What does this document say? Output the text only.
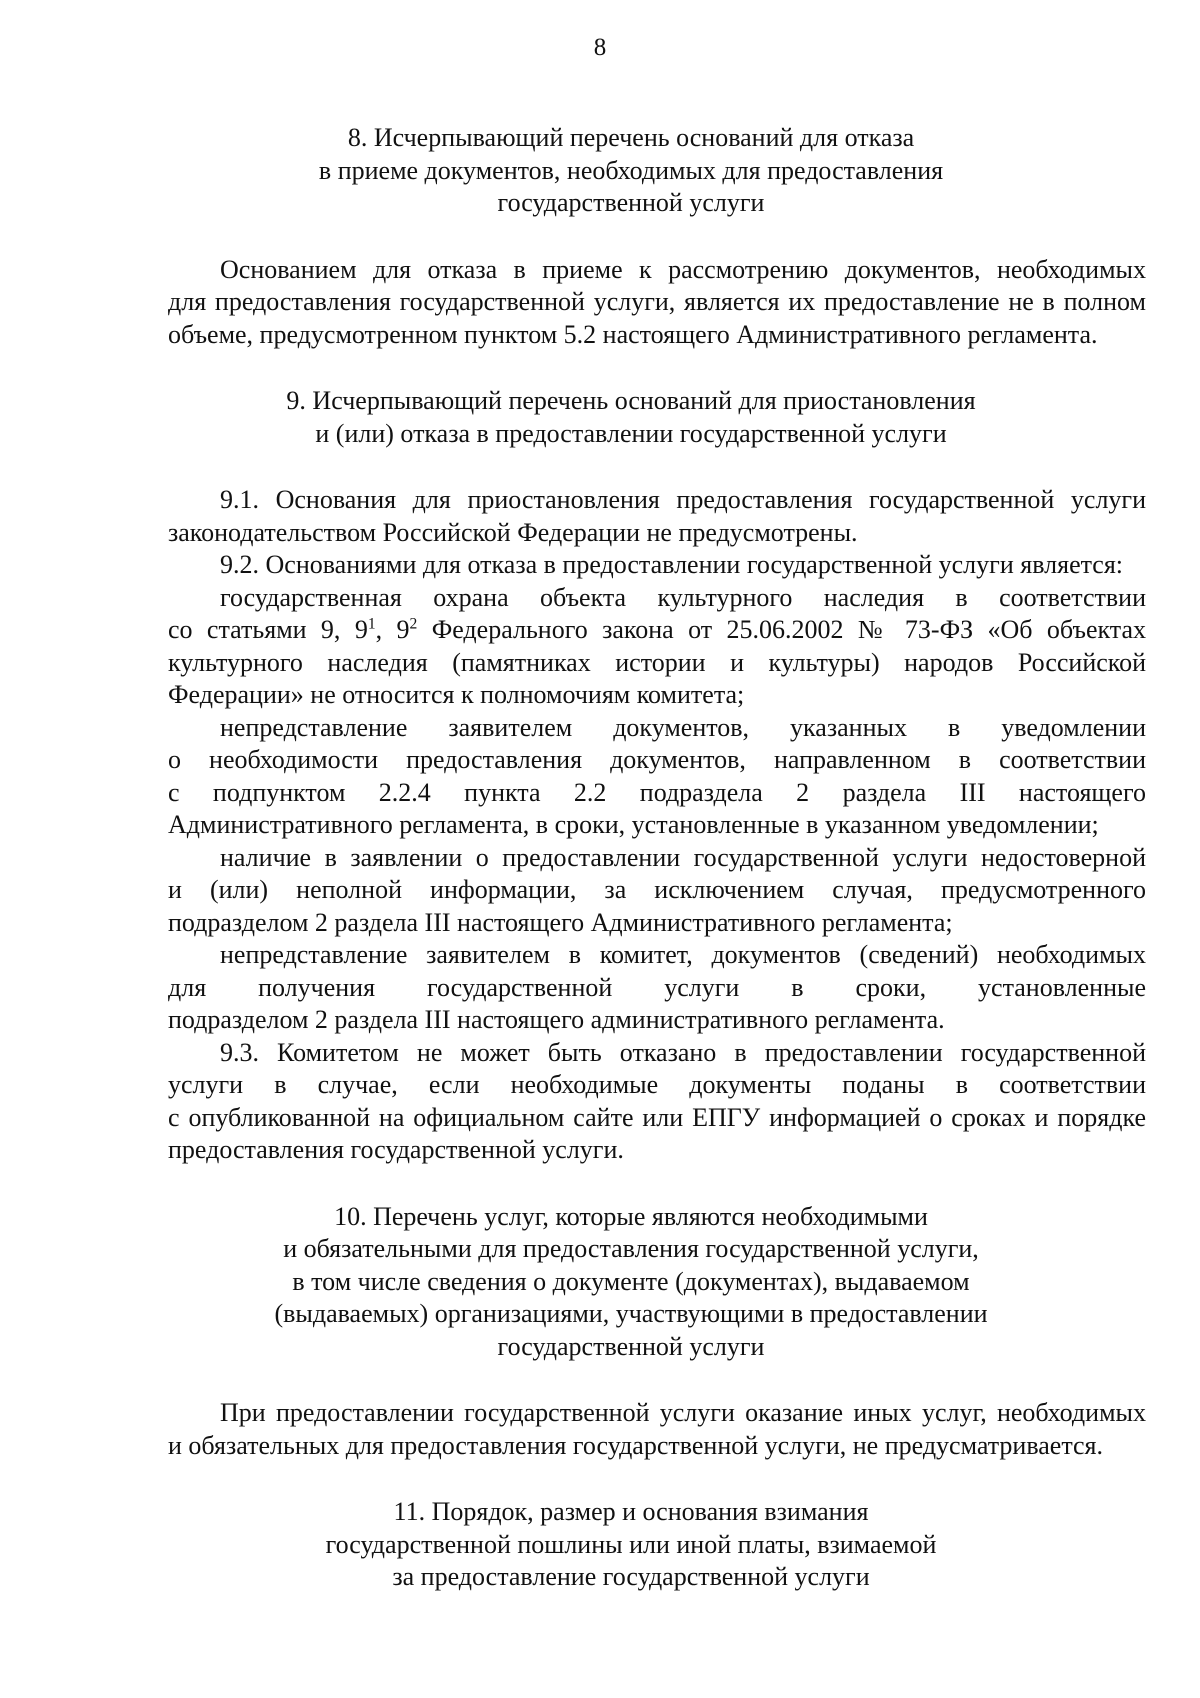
8
8. Исчерпывающий перечень оснований для отказа
в приеме документов, необходимых для предоставления
государственной услуги
Основанием для отказа в приеме к рассмотрению документов, необходимых
для предоставления государственной услуги, является их предоставление не в полном
объеме, предусмотренном пунктом 5.2 настоящего Административного регламента.
9. Исчерпывающий перечень оснований для приостановления
и (или) отказа в предоставлении государственной услуги
9.1. Основания для приостановления предоставления государственной услуги
законодательством Российской Федерации не предусмотрены.
9.2. Основаниями для отказа в предоставлении государственной услуги является:
государственная охрана объекта культурного наследия в соответствии
со статьями 9, $9^1$, $9^2$ Федерального закона от 25.06.2002 № 73-ФЗ «Об объектах
культурного наследия (памятниках истории и культуры) народов Российской
Федерации» не относится к полномочиям комитета;
непредставление заявителем документов, указанных в уведомлении
о необходимости предоставления документов, направленном в соответствии
с подпунктом 2.2.4 пункта 2.2 подраздела 2 раздела III настоящего
Административного регламента, в сроки, установленные в указанном уведомлении;
наличие в заявлении о предоставлении государственной услуги недостоверной
и (или) неполной информации, за исключением случая, предусмотренного
подразделом 2 раздела III настоящего Административного регламента;
непредставление заявителем в комитет, документов (сведений) необходимых
для получения государственной услуги в сроки, установленные
подразделом 2 раздела III настоящего административного регламента.
9.3. Комитетом не может быть отказано в предоставлении государственной
услуги в случае, если необходимые документы поданы в соответствии
с опубликованной на официальном сайте или ЕПГУ информацией о сроках и порядке
предоставления государственной услуги.
10. Перечень услуг, которые являются необходимыми
и обязательными для предоставления государственной услуги,
в том числе сведения о документе (документах), выдаваемом
(выдаваемых) организациями, участвующими в предоставлении
государственной услуги
При предоставлении государственной услуги оказание иных услуг, необходимых
и обязательных для предоставления государственной услуги, не предусматривается.
11. Порядок, размер и основания взимания
государственной пошлины или иной платы, взимаемой
за предоставление государственной услуги
